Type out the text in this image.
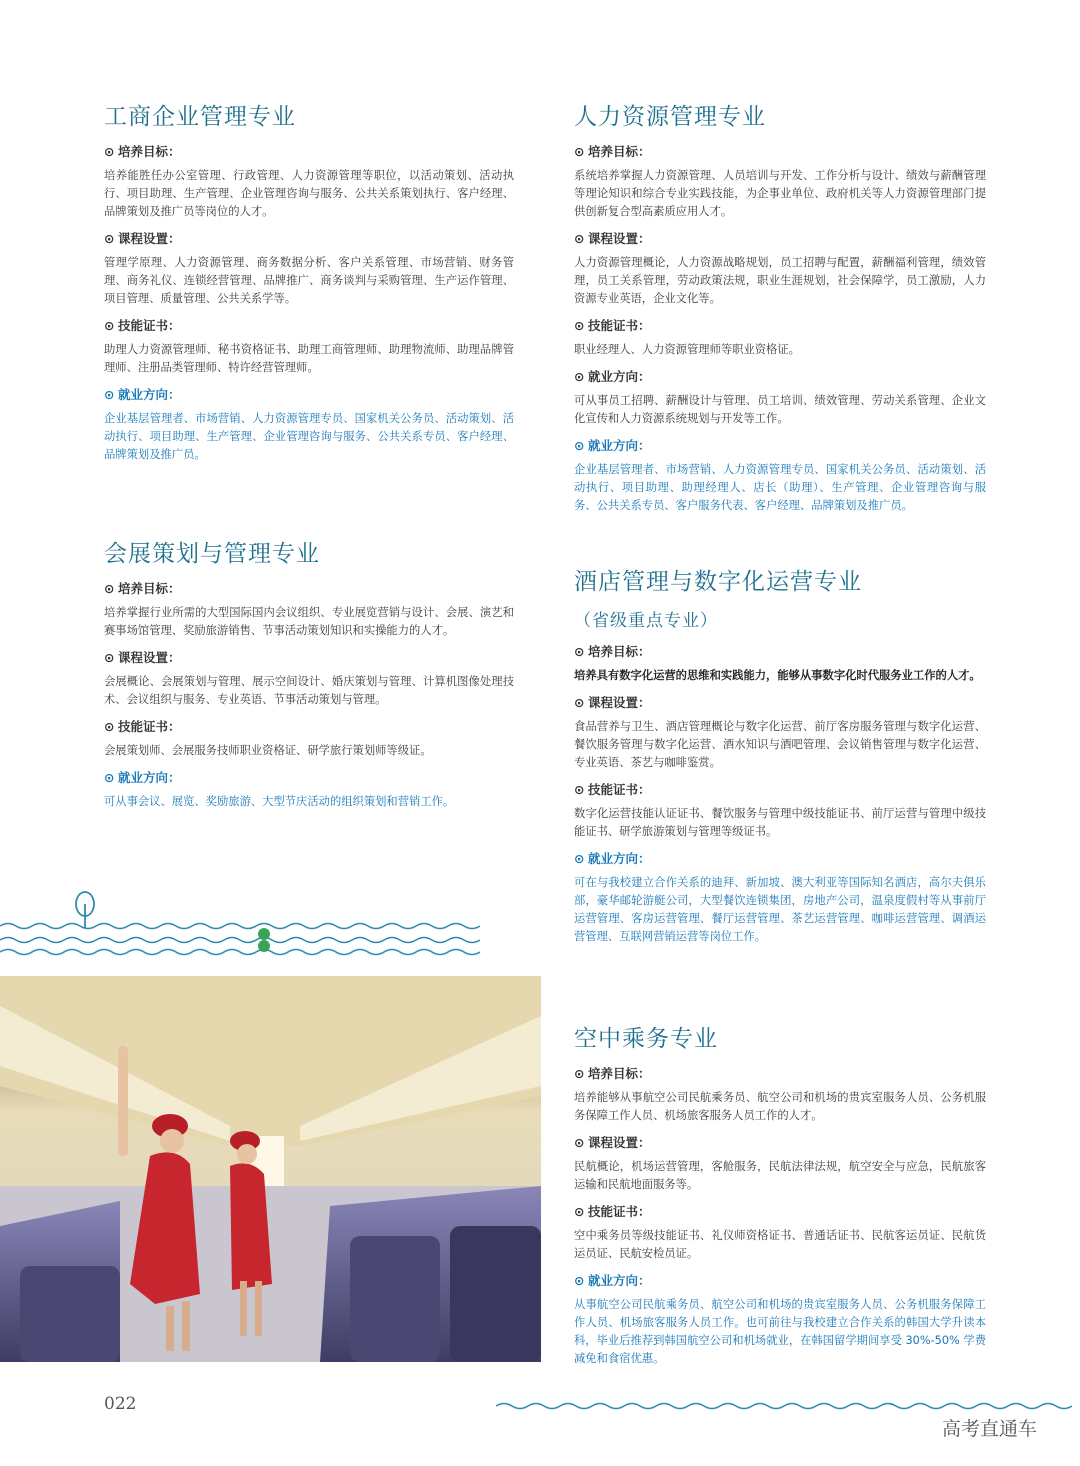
工商企业管理专业
⊙ 培养目标：
培养能胜任办公室管理、行政管理、人力资源管理等职位，以活动策划、活动执行、项目助理、生产管理、企业管理咨询与服务、公共关系策划执行、客户经理、品牌策划及推广员等岗位的人才。
⊙ 课程设置：
管理学原理、人力资源管理、商务数据分析、客户关系管理、市场营销、财务管理、商务礼仪、连锁经营管理、品牌推广、商务谈判与采购管理、生产运作管理、项目管理、质量管理、公共关系学等。
⊙ 技能证书：
助理人力资源管理师、秘书资格证书、助理工商管理师、助理物流师、助理品牌管理师、注册品类管理师、特许经营管理师。
⊙ 就业方向：
企业基层管理者、市场营销、人力资源管理专员、国家机关公务员、活动策划、活动执行、项目助理、生产管理、企业管理咨询与服务、公共关系专员、客户经理、品牌策划及推广员。
会展策划与管理专业
⊙ 培养目标：
培养掌握行业所需的大型国际国内会议组织、专业展览营销与设计、会展、演艺和赛事场馆管理、奖励旅游销售、节事活动策划知识和实操能力的人才。
⊙ 课程设置：
会展概论、会展策划与管理、展示空间设计、婚庆策划与管理、计算机图像处理技术、会议组织与服务、专业英语、节事活动策划与管理。
⊙ 技能证书：
会展策划师、会展服务技师职业资格证、研学旅行策划师等级证。
⊙ 就业方向：
可从事会议、展览、奖励旅游、大型节庆活动的组织策划和营销工作。
人力资源管理专业
⊙ 培养目标：
系统培养掌握人力资源管理、人员培训与开发、工作分析与设计、绩效与薪酬管理等理论知识和综合专业实践技能，为企事业单位、政府机关等人力资源管理部门提供创新复合型高素质应用人才。
⊙ 课程设置：
人力资源管理概论，人力资源战略规划，员工招聘与配置，薪酬福利管理，绩效管理，员工关系管理，劳动政策法规，职业生涯规划，社会保障学，员工激励，人力资源专业英语，企业文化等。
⊙ 技能证书：
职业经理人、人力资源管理师等职业资格证。
⊙ 就业方向：
可从事员工招聘、薪酬设计与管理、员工培训、绩效管理、劳动关系管理、企业文化宣传和人力资源系统规划与开发等工作。
⊙ 就业方向：
企业基层管理者、市场营销、人力资源管理专员、国家机关公务员、活动策划、活动执行、项目助理、助理经理人、店长（助理）、生产管理、企业管理咨询与服务、公共关系专员、客户服务代表、客户经理、品牌策划及推广员。
酒店管理与数字化运营专业
（省级重点专业）
⊙ 培养目标：
培养具有数字化运营的思维和实践能力，能够从事数字化时代服务业工作的人才。
⊙ 课程设置：
食品营养与卫生、酒店管理概论与数字化运营、前厅客房服务管理与数字化运营、餐饮服务管理与数字化运营、酒水知识与酒吧管理、会议销售管理与数字化运营、专业英语、茶艺与咖啡鉴赏。
⊙ 技能证书：
数字化运营技能认证证书、餐饮服务与管理中级技能证书、前厅运营与管理中级技能证书、研学旅游策划与管理等级证书。
⊙ 就业方向：
可在与我校建立合作关系的迪拜、新加坡、澳大利亚等国际知名酒店，高尔夫俱乐部，豪华邮轮游艇公司，大型餐饮连锁集团，房地产公司，温泉度假村等从事前厅运营管理、客房运营管理、餐厅运营管理、茶艺运营管理、咖啡运营管理、调酒运营管理、互联网营销运营等岗位工作。
空中乘务专业
⊙ 培养目标：
培养能够从事航空公司民航乘务员、航空公司和机场的贵宾室服务人员、公务机服务保障工作人员、机场旅客服务人员工作的人才。
⊙ 课程设置：
民航概论，机场运营管理，客舱服务，民航法律法规，航空安全与应急，民航旅客运输和民航地面服务等。
⊙ 技能证书：
空中乘务员等级技能证书、礼仪师资格证书、普通话证书、民航客运员证、民航货运员证、民航安检员证。
⊙ 就业方向：
从事航空公司民航乘务员、航空公司和机场的贵宾室服务人员、公务机服务保障工作人员、机场旅客服务人员工作。也可前往与我校建立合作关系的韩国大学升读本科，毕业后推荐到韩国航空公司和机场就业，在韩国留学期间享受 30%-50% 学费减免和食宿优惠。
022
高考直通车
